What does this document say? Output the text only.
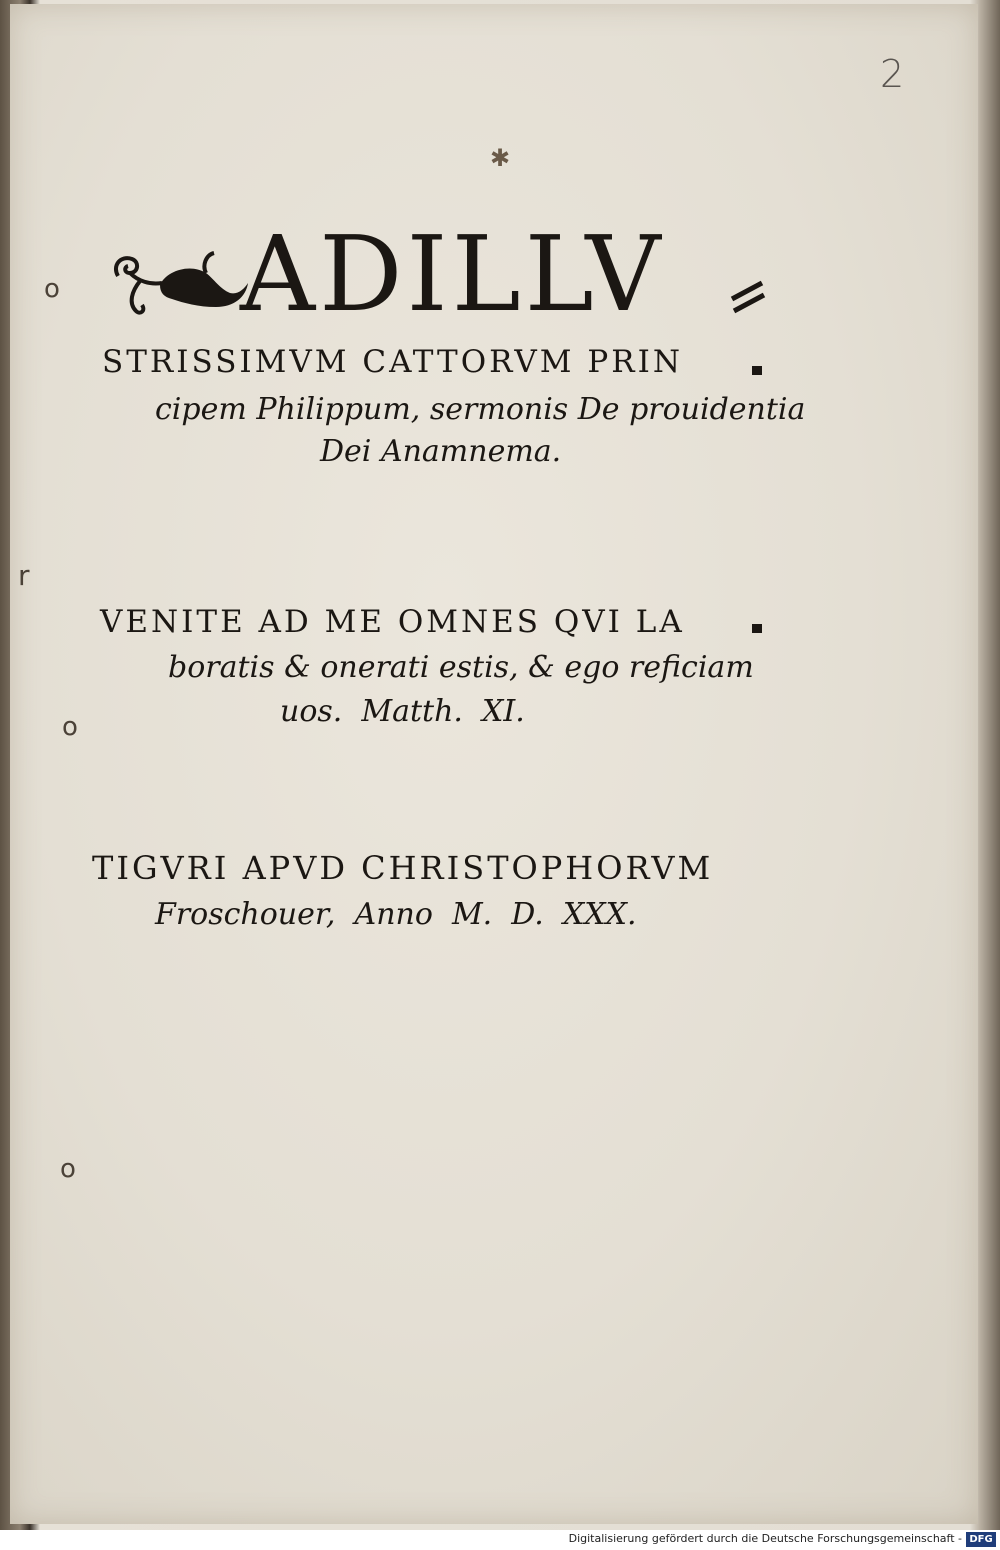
2
✱
ο
r
ο
ο
ADILLV
STRISSIMVM CATTORVM PRIN
cipem Philippum, sermonis De prouidentia
Dei Anamnema.
VENITE AD ME OMNES QVI LA
boratis & onerati estis, & ego reficiam
uos.  Matth.  XI.
TIGVRI APVD CHRISTOPHORVM
Froschouer,  Anno  M.  D.  XXX.
Digitalisierung gefördert durch die Deutsche Forschungsgemeinschaft - DFG
